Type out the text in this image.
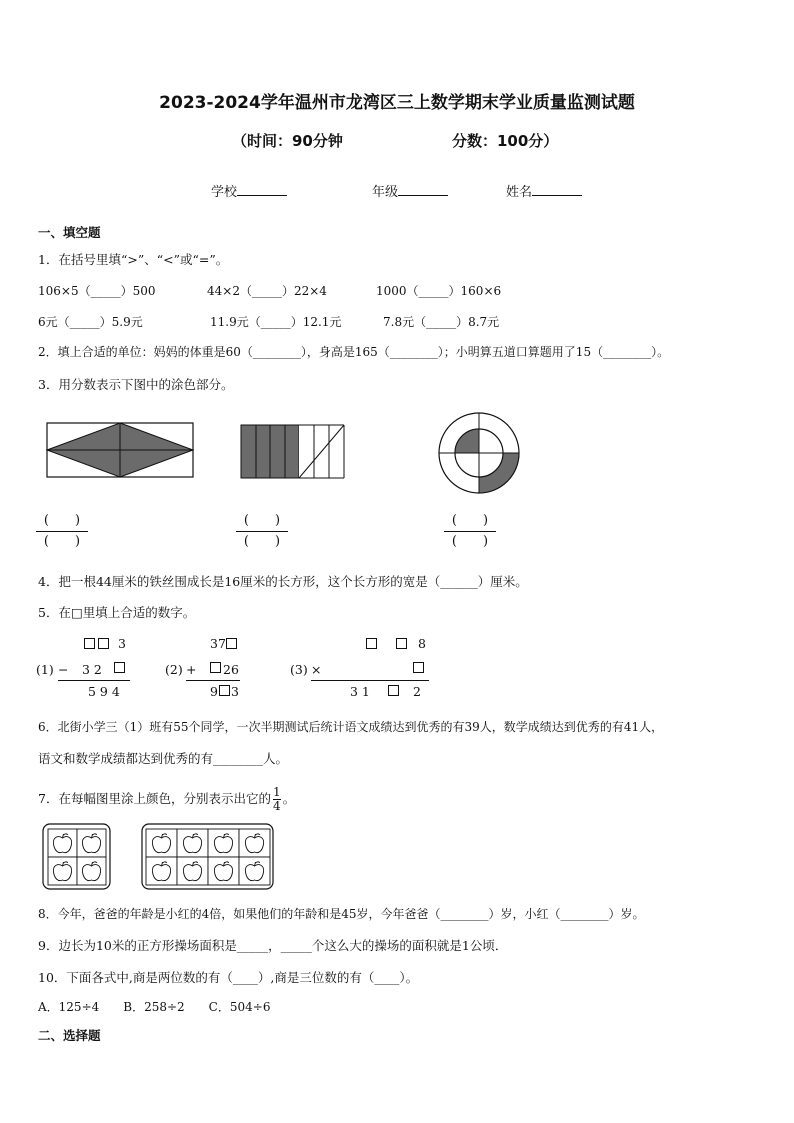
2023-2024学年温州市龙湾区三上数学期末学业质量监测试题
（时间：90分钟	分数：100分）
学校	年级	姓名
一、填空题
1．在括号里填“>”、“<”或“=”。
106×5（_____）500	44×2（_____）22×4	1000（_____）160×6
6元（_____）5.9元	11.9元（_____）12.1元	7.8元（_____）8.7元
2．填上合适的单位：妈妈的体重是60（________），身高是165（________）；小明算五道口算题用了15（________）。
3．用分数表示下图中的涂色部分。
(　　)
(　　)
(　　)
(　　)
(　　)
(　　)
4．把一根44厘米的铁丝围成长是16厘米的长方形，这个长方形的宽是（______）厘米。
5．在□里填上合适的数字。
3
(1) − 3 2
5 9 4
37
(2) + 26
9 3
8
(3) ×
3 1	2
6．北街小学三（1）班有55个同学，一次半期测试后统计语文成绩达到优秀的有39人，数学成绩达到优秀的有41人，
语文和数学成绩都达到优秀的有________人。
7．在每幅图里涂上颜色，分别表示出它的 $\frac{1}{4}$ 。
8．今年，爸爸的年龄是小红的4倍，如果他们的年龄和是45岁，今年爸爸（________）岁，小红（________）岁。
9．边长为10米的正方形操场面积是_____，_____个这么大的操场的面积就是1公顷．
10．下面各式中,商是两位数的有（____）,商是三位数的有（____）。
A．125÷4　　B．258÷2　　C．504÷6
二、选择题
